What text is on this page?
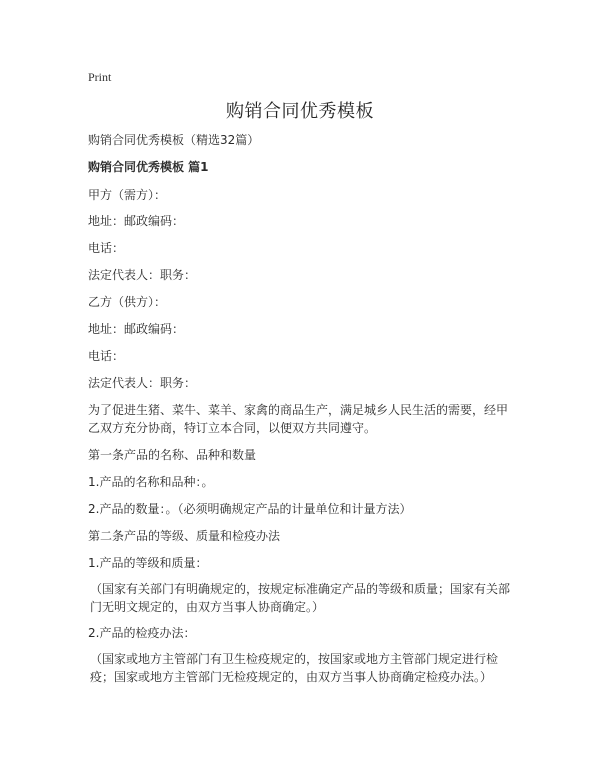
Print
购销合同优秀模板
购销合同优秀模板（精选32篇）
购销合同优秀模板 篇1
甲方（需方）：
地址：邮政编码：
电话：
法定代表人：职务：
乙方（供方）：
地址：邮政编码：
电话：
法定代表人：职务：
为了促进生猪、菜牛、菜羊、家禽的商品生产，满足城乡人民生活的需要，经甲乙双方充分协商，特订立本合同，以便双方共同遵守。
第一条产品的名称、品种和数量
1.产品的名称和品种：。
2.产品的数量：。（必须明确规定产品的计量单位和计量方法）
第二条产品的等级、质量和检疫办法
1.产品的等级和质量：
（国家有关部门有明确规定的，按规定标准确定产品的等级和质量；国家有关部门无明文规定的，由双方当事人协商确定。）
2.产品的检疫办法：
（国家或地方主管部门有卫生检疫规定的，按国家或地方主管部门规定进行检疫；国家或地方主管部门无检疫规定的，由双方当事人协商确定检疫办法。）
